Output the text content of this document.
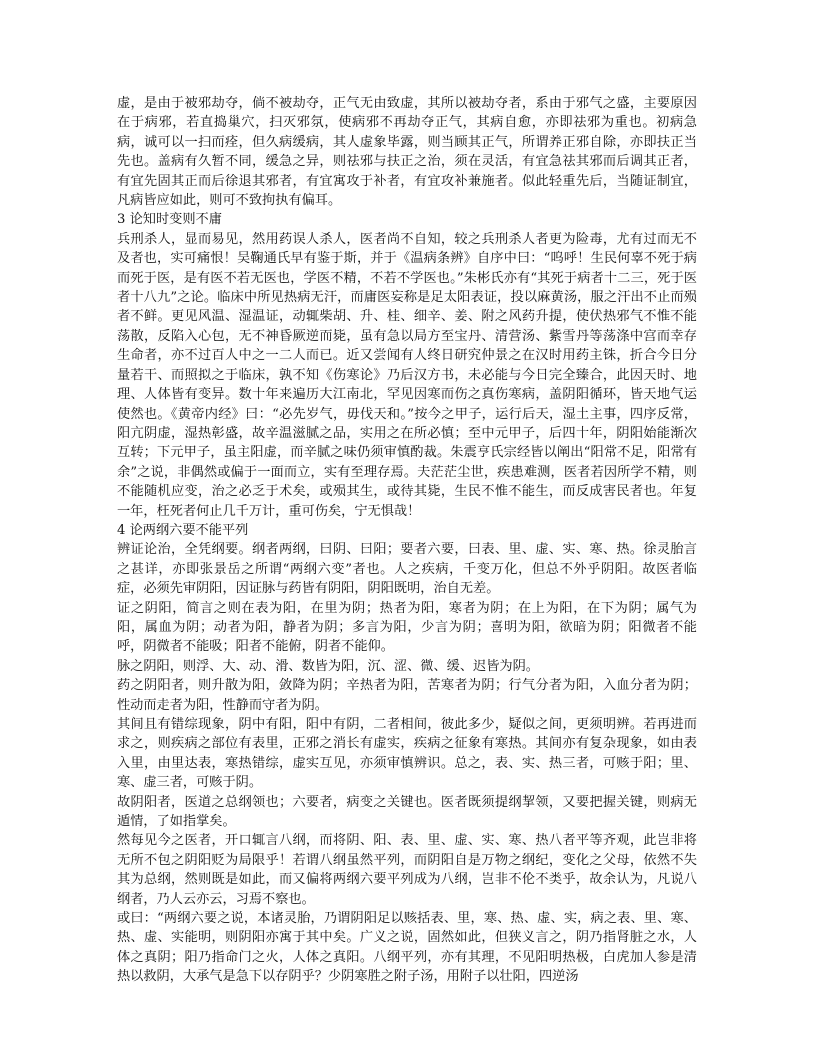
虚，是由于被邪劫夺，倘不被劫夺，正气无由致虚，其所以被劫夺者，系由于邪气之盛，主要原因在于病邪，若直捣巢穴，扫灭邪氛，使病邪不再劫夺正气，其病自愈，亦即祛邪为重也。初病急病，诚可以一扫而痊，但久病缓病，其人虚象毕露，则当顾其正气，所谓养正邪自除，亦即扶正当先也。盖病有久暂不同，缓急之异，则祛邪与扶正之治，须在灵活，有宜急祛其邪而后调其正者，有宜先固其正而后徐退其邪者，有宜寓攻于补者，有宜攻补兼施者。似此轻重先后，当随证制宜，凡病皆应如此，则可不致拘执有偏耳。

3 论知时变则不庸

兵刑杀人，显而易见，然用药误人杀人，医者尚不自知，较之兵刑杀人者更为险毒，尤有过而无不及者也，实可痛恨！吴鞠通氏早有鉴于斯，并于《温病条辨》自序中曰：“呜呼！生民何辜不死于病而死于医，是有医不若无医也，学医不精，不若不学医也。”朱彬氏亦有“其死于病者十二三，死于医者十八九”之论。临床中所见热病无汗，而庸医妄称是足太阳表证，投以麻黄汤，服之汗出不止而殒者不鲜。更见风温、湿温证，动辄柴胡、升、桂、细辛、姜、附之风药升提，使伏热邪气不惟不能荡散，反陷入心包，无不神昏厥逆而毙，虽有急以局方至宝丹、清营汤、紫雪丹等荡涤中宫而幸存生命者，亦不过百人中之一二人而已。近又尝闻有人终日研究仲景之在汉时用药主铢，折合今日分量若干、而照拟之于临床，孰不知《伤寒论》乃后汉方书，未必能与今日完全臻合，此因天时、地理、人体皆有变异。数十年来遍历大江南北，罕见因寒而伤之真伤寒病，盖阴阳循环，皆天地气运使然也。《黄帝内经》曰：“必先岁气，毋伐天和。”按今之甲子，运行后天，湿土主事，四序反常，阳亢阴虚，湿热彰盛，故辛温滋腻之品，实用之在所必慎；至中元甲子，后四十年，阴阳始能渐次互转；下元甲子，虽主阳虚，而辛腻之味仍须审慎酌裁。朱震亨氏宗经皆以阐出“阳常不足，阳常有余”之说，非偶然或偏于一面而立，实有至理存焉。夫茫茫尘世，疾患难测，医者若因所学不精，则不能随机应变，治之必乏于术矣，或殒其生，或待其毙，生民不惟不能生，而反成害民者也。年复一年，枉死者何止几千万计，重可伤矣，宁无惧哉！

4 论两纲六要不能平列

辨证论治，全凭纲要。纲者两纲，曰阴、曰阳；要者六要，曰表、里、虚、实、寒、热。徐灵胎言之甚详，亦即张景岳之所谓“两纲六变”者也。人之疾病，千变万化，但总不外乎阴阳。故医者临症，必须先审阴阳，因证脉与药皆有阴阳，阴阳既明，治自无差。

证之阴阳，简言之则在表为阳，在里为阴；热者为阳，寒者为阴；在上为阳，在下为阴；属气为阳，属血为阴；动者为阳，静者为阴；多言为阳，少言为阴；喜明为阳，欲暗为阴；阳微者不能呼，阴微者不能吸；阳者不能俯，阴者不能仰。

脉之阴阳，则浮、大、动、滑、数皆为阳，沉、涩、微、缓、迟皆为阴。

药之阴阳者，则升散为阳，敛降为阴；辛热者为阳，苦寒者为阴；行气分者为阳，入血分者为阴；性动而走者为阳，性静而守者为阴。

其间且有错综现象，阴中有阳，阳中有阴，二者相间，彼此多少，疑似之间，更须明辨。若再进而求之，则疾病之部位有表里，正邪之消长有虚实，疾病之征象有寒热。其间亦有复杂现象，如由表入里，由里达表，寒热错综，虚实互见，亦须审慎辨识。总之，表、实、热三者，可赅于阳；里、寒、虚三者，可赅于阴。

故阴阳者，医道之总纲领也；六要者，病变之关键也。医者既须提纲挈领，又要把握关键，则病无遁情，了如指掌矣。

然每见今之医者，开口辄言八纲，而将阴、阳、表、里、虚、实、寒、热八者平等齐观，此岂非将无所不包之阴阳贬为局限乎！若谓八纲虽然平列，而阴阳自是万物之纲纪，变化之父母，依然不失其为总纲，然则既是如此，而又偏将两纲六要平列成为八纲，岂非不伦不类乎，故余认为，凡说八纲者，乃人云亦云，习焉不察也。

或曰：“两纲六要之说，本诸灵胎，乃谓阴阳足以赅括表、里，寒、热、虚、实，病之表、里、寒、热、虚、实能明，则阴阳亦寓于其中矣。广义之说，固然如此，但狭义言之，阴乃指肾脏之水，人体之真阴；阳乃指命门之火，人体之真阳。八纲平列，亦有其理，不见阳明热极，白虎加人参是清热以救阴，大承气是急下以存阴乎？少阴寒胜之附子汤，用附子以壮阳，四逆汤
